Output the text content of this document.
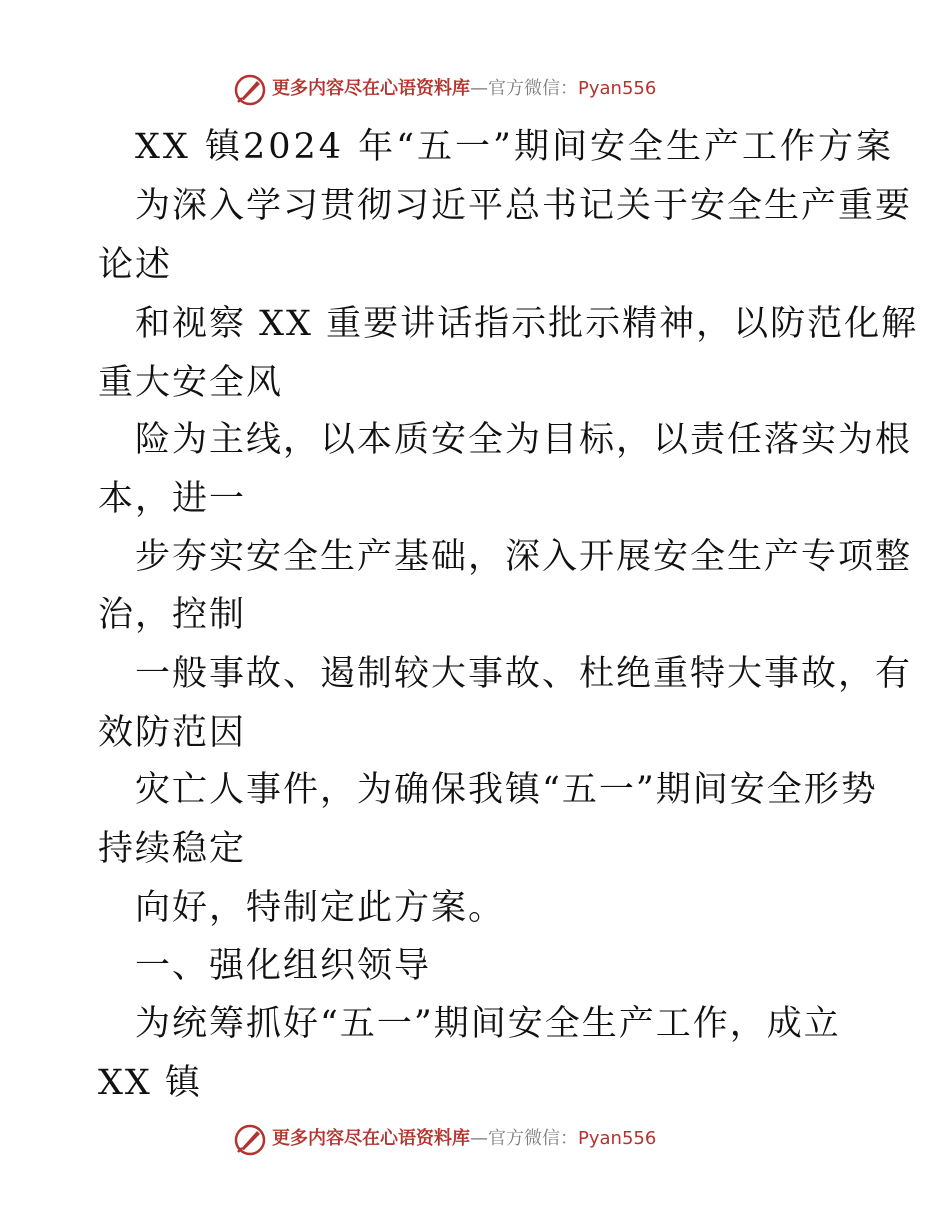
更多内容尽在心语资料库—官方微信：Pyan556
XX 镇2024 年“五一”期间安全生产工作方案
为深入学习贯彻习近平总书记关于安全生产重要
论述
和视察 XX 重要讲话指示批示精神，以防范化解
重大安全风
险为主线，以本质安全为目标，以责任落实为根
本，进一
步夯实安全生产基础，深入开展安全生产专项整
治，控制
一般事故、遏制较大事故、杜绝重特大事故，有
效防范因
灾亡人事件，为确保我镇“五一”期间安全形势
持续稳定
向好，特制定此方案。
一、强化组织领导
为统筹抓好“五一”期间安全生产工作，成立
XX 镇
更多内容尽在心语资料库—官方微信：Pyan556
